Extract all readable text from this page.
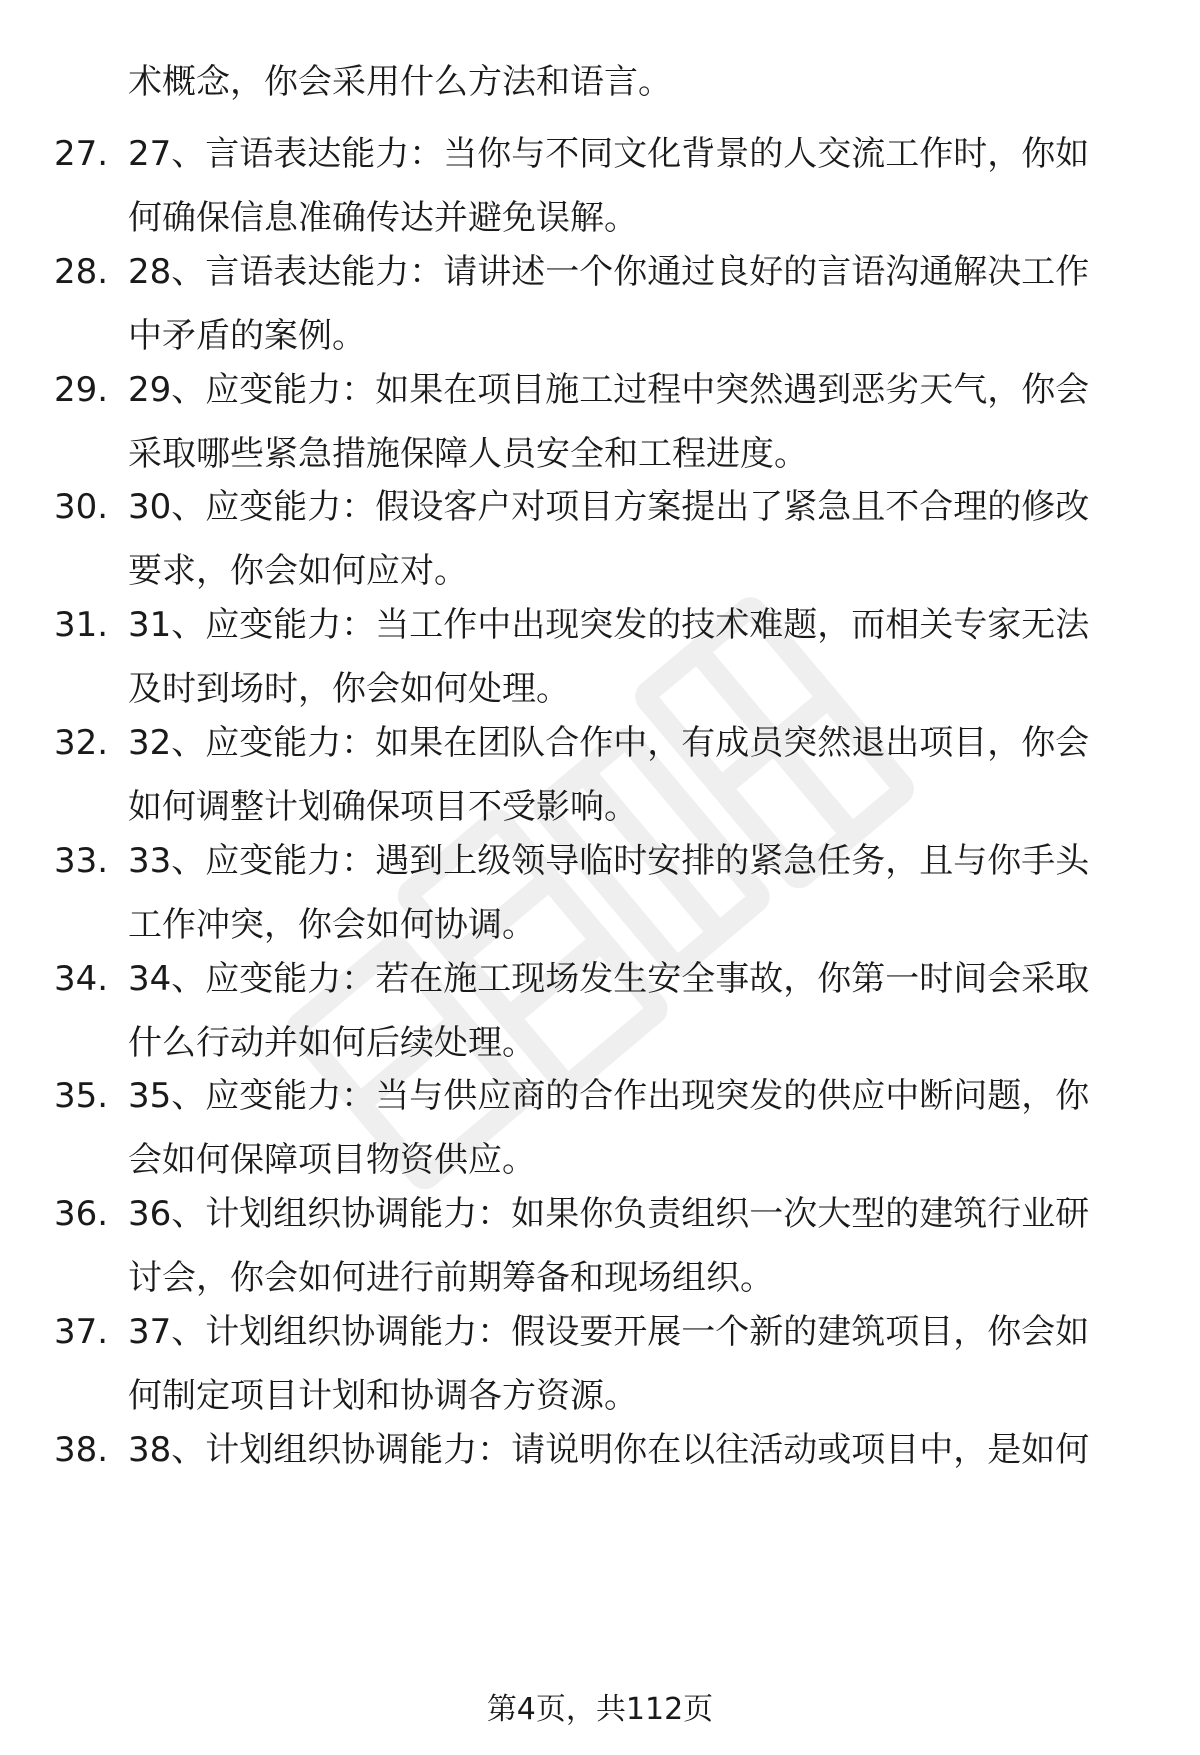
术概念，你会采用什么方法和语言。
27. 27、言语表达能力：当你与不同文化背景的人交流工作时，你如
何确保信息准确传达并避免误解。
28. 28、言语表达能力：请讲述一个你通过良好的言语沟通解决工作
中矛盾的案例。
29. 29、应变能力：如果在项目施工过程中突然遇到恶劣天气，你会
采取哪些紧急措施保障人员安全和工程进度。
30. 30、应变能力：假设客户对项目方案提出了紧急且不合理的修改
要求，你会如何应对。
31. 31、应变能力：当工作中出现突发的技术难题，而相关专家无法
及时到场时，你会如何处理。
32. 32、应变能力：如果在团队合作中，有成员突然退出项目，你会
如何调整计划确保项目不受影响。
33. 33、应变能力：遇到上级领导临时安排的紧急任务，且与你手头
工作冲突，你会如何协调。
34. 34、应变能力：若在施工现场发生安全事故，你第一时间会采取
什么行动并如何后续处理。
35. 35、应变能力：当与供应商的合作出现突发的供应中断问题，你
会如何保障项目物资供应。
36. 36、计划组织协调能力：如果你负责组织一次大型的建筑行业研
讨会，你会如何进行前期筹备和现场组织。
37. 37、计划组织协调能力：假设要开展一个新的建筑项目，你会如
何制定项目计划和协调各方资源。
38. 38、计划组织协调能力：请说明你在以往活动或项目中，是如何
第4页，共112页
